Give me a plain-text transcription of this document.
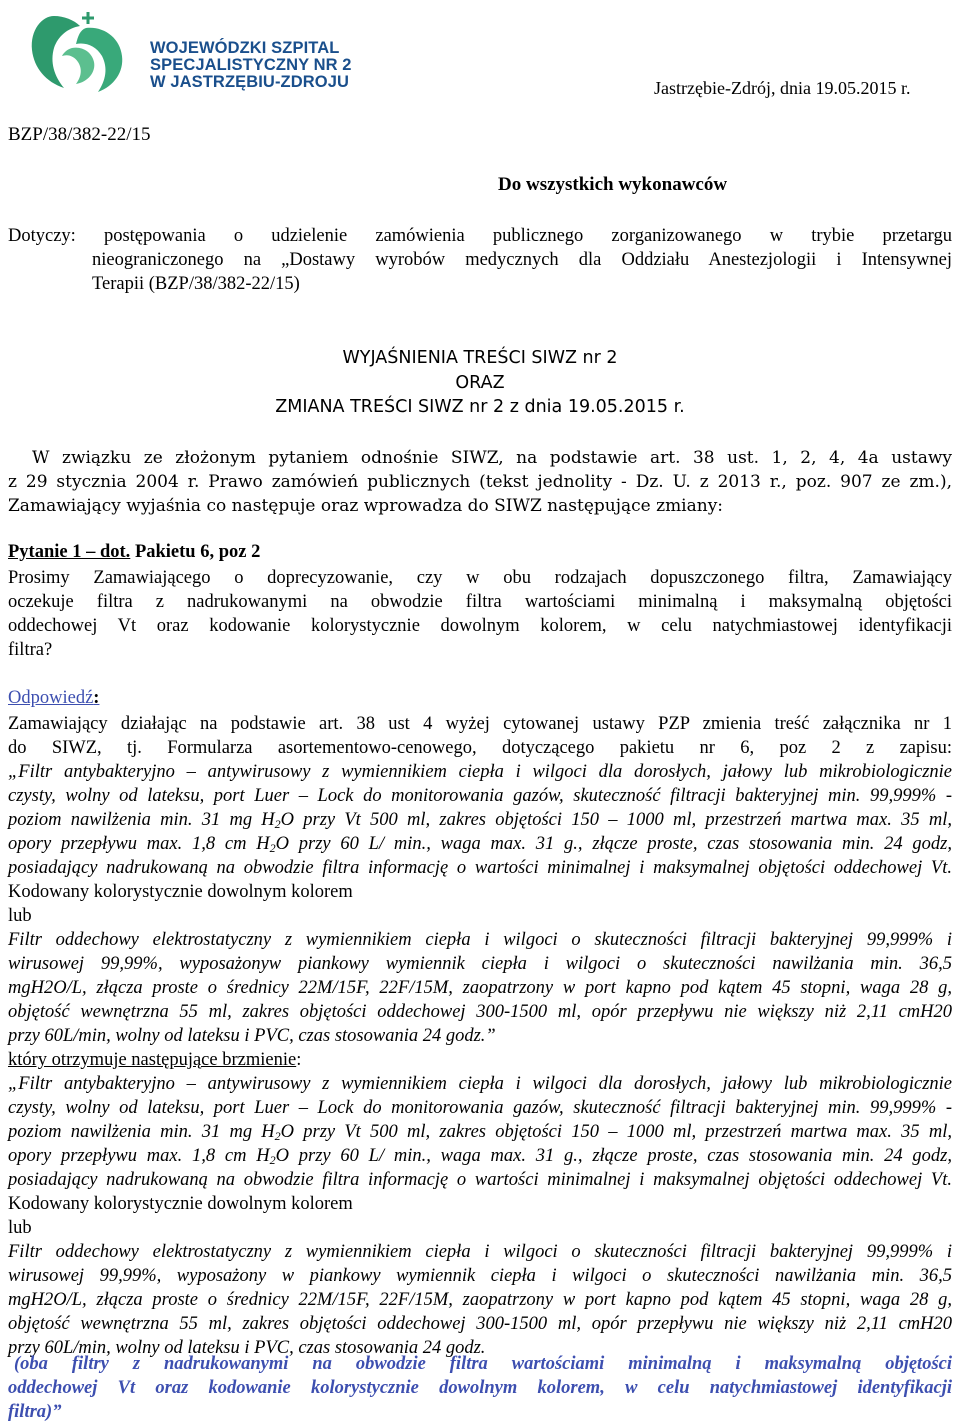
WOJEWÓDZKI SZPITAL
SPECJALISTYCZNY NR 2
W JASTRZĘBIU-ZDROJU	Jastrzębie-Zdrój, dnia 19.05.2015 r.
BZP/38/382-22/15
Do wszystkich wykonawców
Dotyczy: postępowania o udzielenie zamówienia publicznego zorganizowanego w trybie przetargu
nieograniczonego na „Dostawy wyrobów medycznych dla Oddziału Anestezjologii i Intensywnej
Terapii (BZP/38/382-22/15)
WYJAŚNIENIA TREŚCI SIWZ nr 2
ORAZ
ZMIANA TREŚCI SIWZ nr 2 z dnia 19.05.2015 r.
W związku ze złożonym pytaniem odnośnie SIWZ, na podstawie art. 38 ust. 1, 2, 4, 4a ustawy
z 29 stycznia 2004 r. Prawo zamówień publicznych (tekst jednolity - Dz. U. z 2013 r., poz. 907 ze zm.),
Zamawiający wyjaśnia co następuje oraz wprowadza do SIWZ następujące zmiany:
Pytanie 1 – dot. Pakietu 6, poz 2
Prosimy Zamawiającego o doprecyzowanie, czy w obu rodzajach dopuszczonego filtra, Zamawiający
oczekuje filtra z nadrukowanymi na obwodzie filtra wartościami minimalną i maksymalną objętości
oddechowej Vt oraz kodowanie kolorystycznie dowolnym kolorem, w celu natychmiastowej identyfikacji
filtra?
Odpowiedź:
Zamawiający działając na podstawie art. 38 ust 4 wyżej cytowanej ustawy PZP zmienia treść załącznika nr 1
do SIWZ, tj. Formularza asortementowo-cenowego, dotyczącego pakietu nr 6, poz 2 z zapisu:
„Filtr antybakteryjno – antywirusowy z wymiennikiem ciepła i wilgoci dla dorosłych, jałowy lub mikrobiologicznie
czysty, wolny od lateksu, port Luer – Lock do monitorowania gazów, skuteczność filtracji bakteryjnej min. 99,999% -
poziom nawilżenia min. 31 mg $H_2O$ przy Vt 500 ml, zakres objętości 150 – 1000 ml, przestrzeń martwa max. 35 ml,
opory przepływu max. 1,8 cm $H_2O$ przy 60 L/ min., waga max. 31 g., złącze proste, czas stosowania min. 24 godz,
posiadający nadrukowaną na obwodzie filtra informację o wartości minimalnej i maksymalnej objętości oddechowej Vt.
Kodowany kolorystycznie dowolnym kolorem
lub
Filtr oddechowy elektrostatyczny z wymiennikiem ciepła i wilgoci o skuteczności filtracji bakteryjnej 99,999% i
wirusowej 99,99%, wyposażonyw piankowy wymiennik ciepła i wilgoci o skuteczności nawilżania min. 36,5
mgH2O/L, złącza proste o średnicy 22M/15F, 22F/15M, zaopatrzony w port kapno pod kątem 45 stopni, waga 28 g,
objętość wewnętrzna 55 ml, zakres objętości oddechowej 300-1500 ml, opór przepływu nie większy niż 2,11 cmH20
przy 60L/min, wolny od lateksu i PVC, czas stosowania 24 godz.”
który otrzymuje następujące brzmienie:
„Filtr antybakteryjno – antywirusowy z wymiennikiem ciepła i wilgoci dla dorosłych, jałowy lub mikrobiologicznie
czysty, wolny od lateksu, port Luer – Lock do monitorowania gazów, skuteczność filtracji bakteryjnej min. 99,999% -
poziom nawilżenia min. 31 mg $H_2O$ przy Vt 500 ml, zakres objętości 150 – 1000 ml, przestrzeń martwa max. 35 ml,
opory przepływu max. 1,8 cm $H_2O$ przy 60 L/ min., waga max. 31 g., złącze proste, czas stosowania min. 24 godz,
posiadający nadrukowaną na obwodzie filtra informację o wartości minimalnej i maksymalnej objętości oddechowej Vt.
Kodowany kolorystycznie dowolnym kolorem
lub
Filtr oddechowy elektrostatyczny z wymiennikiem ciepła i wilgoci o skuteczności filtracji bakteryjnej 99,999% i
wirusowej 99,99%, wyposażony w piankowy wymiennik ciepła i wilgoci o skuteczności nawilżania min. 36,5
mgH2O/L, złącza proste o średnicy 22M/15F, 22F/15M, zaopatrzony w port kapno pod kątem 45 stopni, waga 28 g,
objętość wewnętrzna 55 ml, zakres objętości oddechowej 300-1500 ml, opór przepływu nie większy niż 2,11 cmH20
przy 60L/min, wolny od lateksu i PVC, czas stosowania 24 godz.
(oba filtry z nadrukowanymi na obwodzie filtra wartościami minimalną i maksymalną objętości
oddechowej Vt oraz kodowanie kolorystycznie dowolnym kolorem, w celu natychmiastowej identyfikacji
filtra)”
